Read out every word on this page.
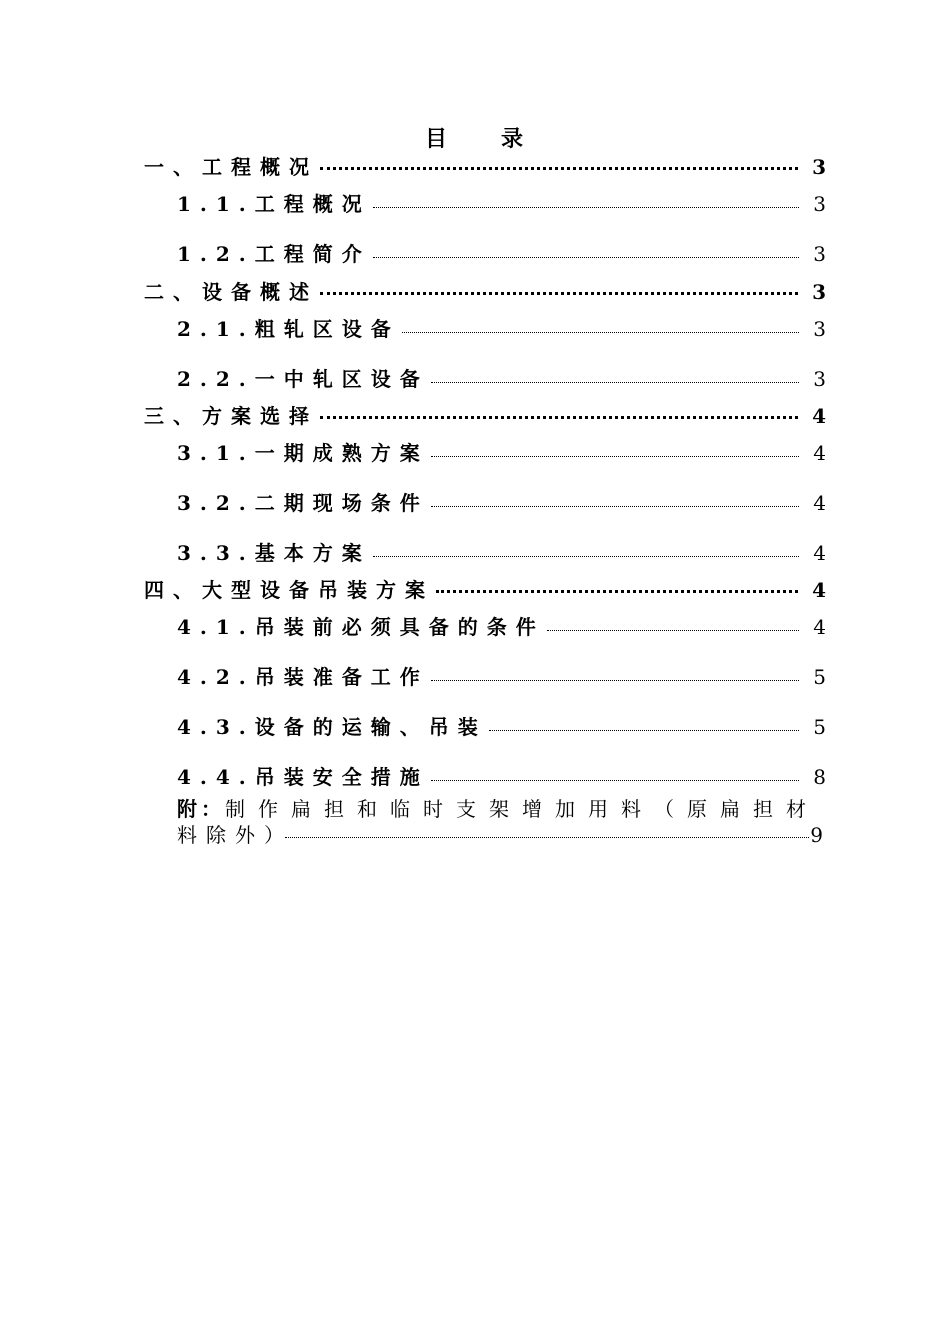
目 录
一、工程概况	3
1.1.工程概况	3
1.2.工程简介	3
二、设备概述	3
2.1.粗轧区设备	3
2.2.一中轧区设备	3
三、方案选择	4
3.1.一期成熟方案	4
3.2.二期现场条件	4
3.3.基本方案	4
四、大型设备吊装方案	4
4.1.吊装前必须具备的条件	4
4.2.吊装准备工作	5
4.3.设备的运输、吊装	5
4.4.吊装安全措施	8
附：制作扁担和临时支架增加用料（原扁担材
料除外）	9
